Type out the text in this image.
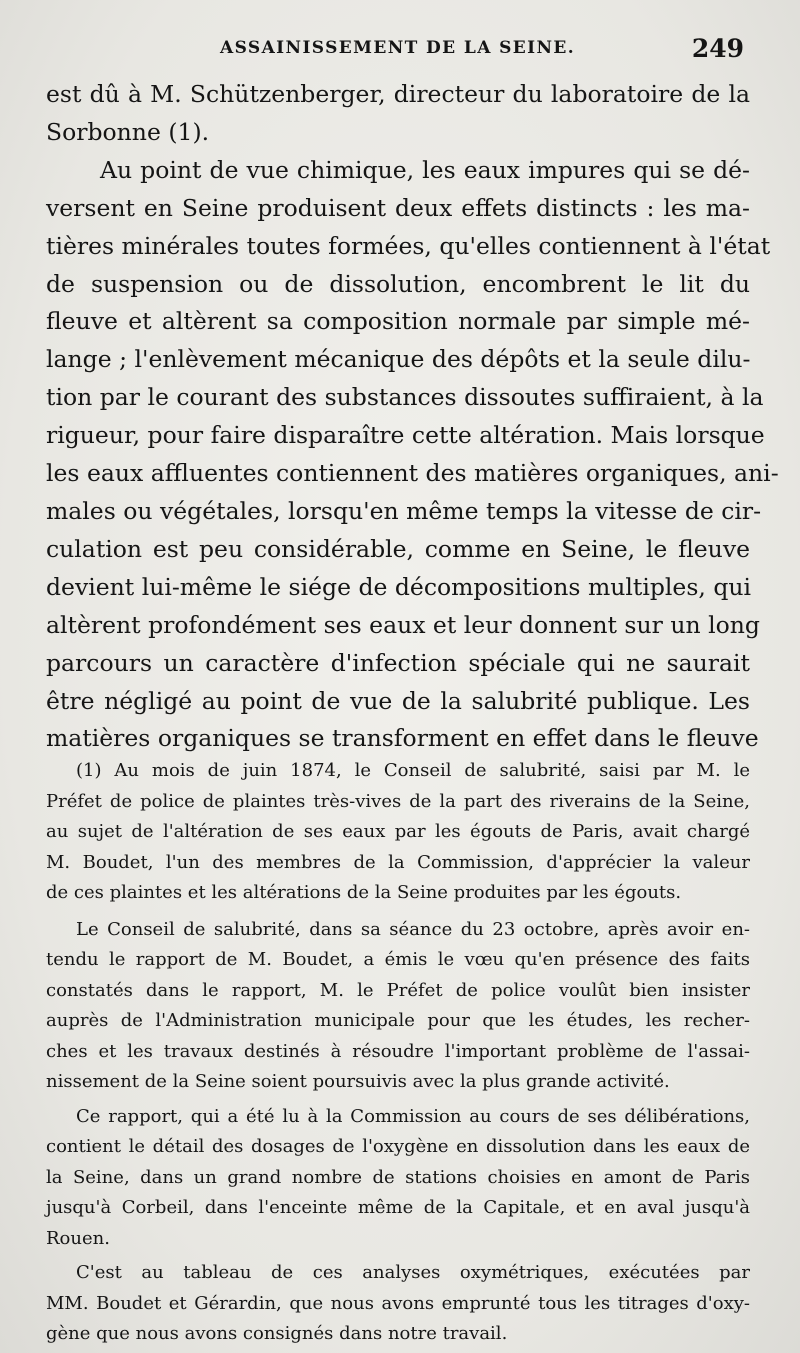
ASSAINISSEMENT DE LA SEINE.	249
est dû à M. Schützenberger, directeur du laboratoire de la
Sorbonne (1).
Au point de vue chimique, les eaux impures qui se dé-
versent en Seine produisent deux effets distincts : les ma-
tières minérales toutes formées, qu'elles contiennent à l'état
de suspension ou de dissolution, encombrent le lit du
fleuve et altèrent sa composition normale par simple mé-
lange ; l'enlèvement mécanique des dépôts et la seule dilu-
tion par le courant des substances dissoutes suffiraient, à la
rigueur, pour faire disparaître cette altération. Mais lorsque
les eaux affluentes contiennent des matières organiques, ani-
males ou végétales, lorsqu'en même temps la vitesse de cir-
culation est peu considérable, comme en Seine, le fleuve
devient lui-même le siége de décompositions multiples, qui
altèrent profondément ses eaux et leur donnent sur un long
parcours un caractère d'infection spéciale qui ne saurait
être négligé au point de vue de la salubrité publique. Les
matières organiques se transforment en effet dans le fleuve
(1) Au mois de juin 1874, le Conseil de salubrité, saisi par M. le
Préfet de police de plaintes très-vives de la part des riverains de la Seine,
au sujet de l'altération de ses eaux par les égouts de Paris, avait chargé
M. Boudet, l'un des membres de la Commission, d'apprécier la valeur
de ces plaintes et les altérations de la Seine produites par les égouts.
Le Conseil de salubrité, dans sa séance du 23 octobre, après avoir en-
tendu le rapport de M. Boudet, a émis le vœu qu'en présence des faits
constatés dans le rapport, M. le Préfet de police voulût bien insister
auprès de l'Administration municipale pour que les études, les recher-
ches et les travaux destinés à résoudre l'important problème de l'assai-
nissement de la Seine soient poursuivis avec la plus grande activité.
Ce rapport, qui a été lu à la Commission au cours de ses délibérations,
contient le détail des dosages de l'oxygène en dissolution dans les eaux de
la Seine, dans un grand nombre de stations choisies en amont de Paris
jusqu'à Corbeil, dans l'enceinte même de la Capitale, et en aval jusqu'à
Rouen.
C'est au tableau de ces analyses oxymétriques, exécutées par
MM. Boudet et Gérardin, que nous avons emprunté tous les titrages d'oxy-
gène que nous avons consignés dans notre travail.
